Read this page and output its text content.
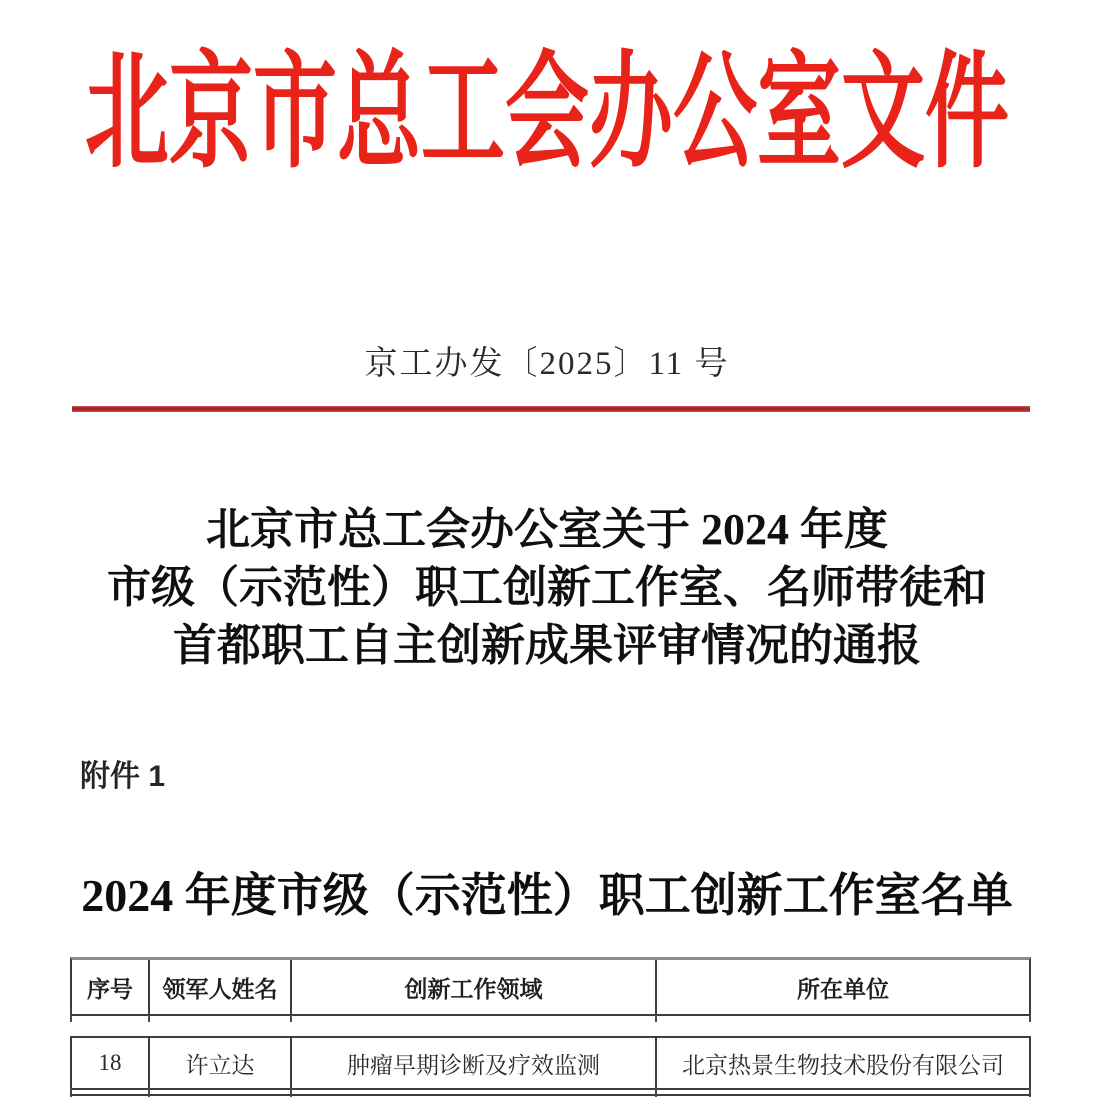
北京市总工会办公室文件
京工办发〔2025〕11 号
北京市总工会办公室关于 2024 年度
市级（示范性）职工创新工作室、名师带徒和
首都职工自主创新成果评审情况的通报
附件 1
2024 年度市级（示范性）职工创新工作室名单
序号	领军人姓名	创新工作领域	所在单位
18	许立达	肿瘤早期诊断及疗效监测	北京热景生物技术股份有限公司
